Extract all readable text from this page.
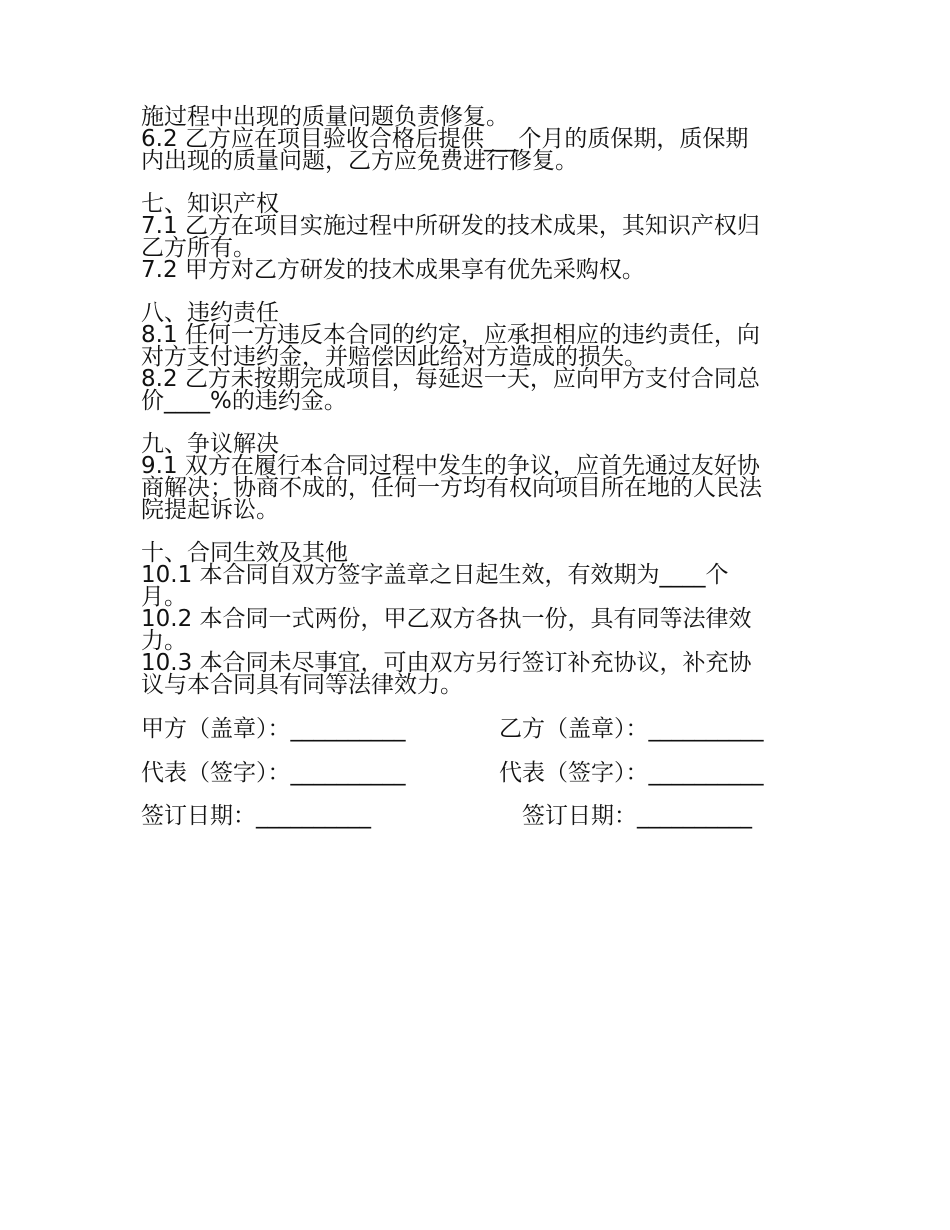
施过程中出现的质量问题负责修复。
6.2 乙方应在项目验收合格后提供___个月的质保期，质保期
内出现的质量问题，乙方应免费进行修复。
七、知识产权
7.1 乙方在项目实施过程中所研发的技术成果，其知识产权归
乙方所有。
7.2 甲方对乙方研发的技术成果享有优先采购权。
八、违约责任
8.1 任何一方违反本合同的约定，应承担相应的违约责任，向
对方支付违约金，并赔偿因此给对方造成的损失。
8.2 乙方未按期完成项目，每延迟一天，应向甲方支付合同总
价____%的违约金。
九、争议解决
9.1 双方在履行本合同过程中发生的争议，应首先通过友好协
商解决；协商不成的，任何一方均有权向项目所在地的人民法
院提起诉讼。
十、合同生效及其他
10.1 本合同自双方签字盖章之日起生效，有效期为____个
月。
10.2 本合同一式两份，甲乙双方各执一份，具有同等法律效
力。
10.3 本合同未尽事宜，可由双方另行签订补充协议，补充协
议与本合同具有同等法律效力。
甲方（盖章）：__________	乙方（盖章）：__________
代表（签字）：__________	代表（签字）：__________
签订日期：__________	签订日期：__________
